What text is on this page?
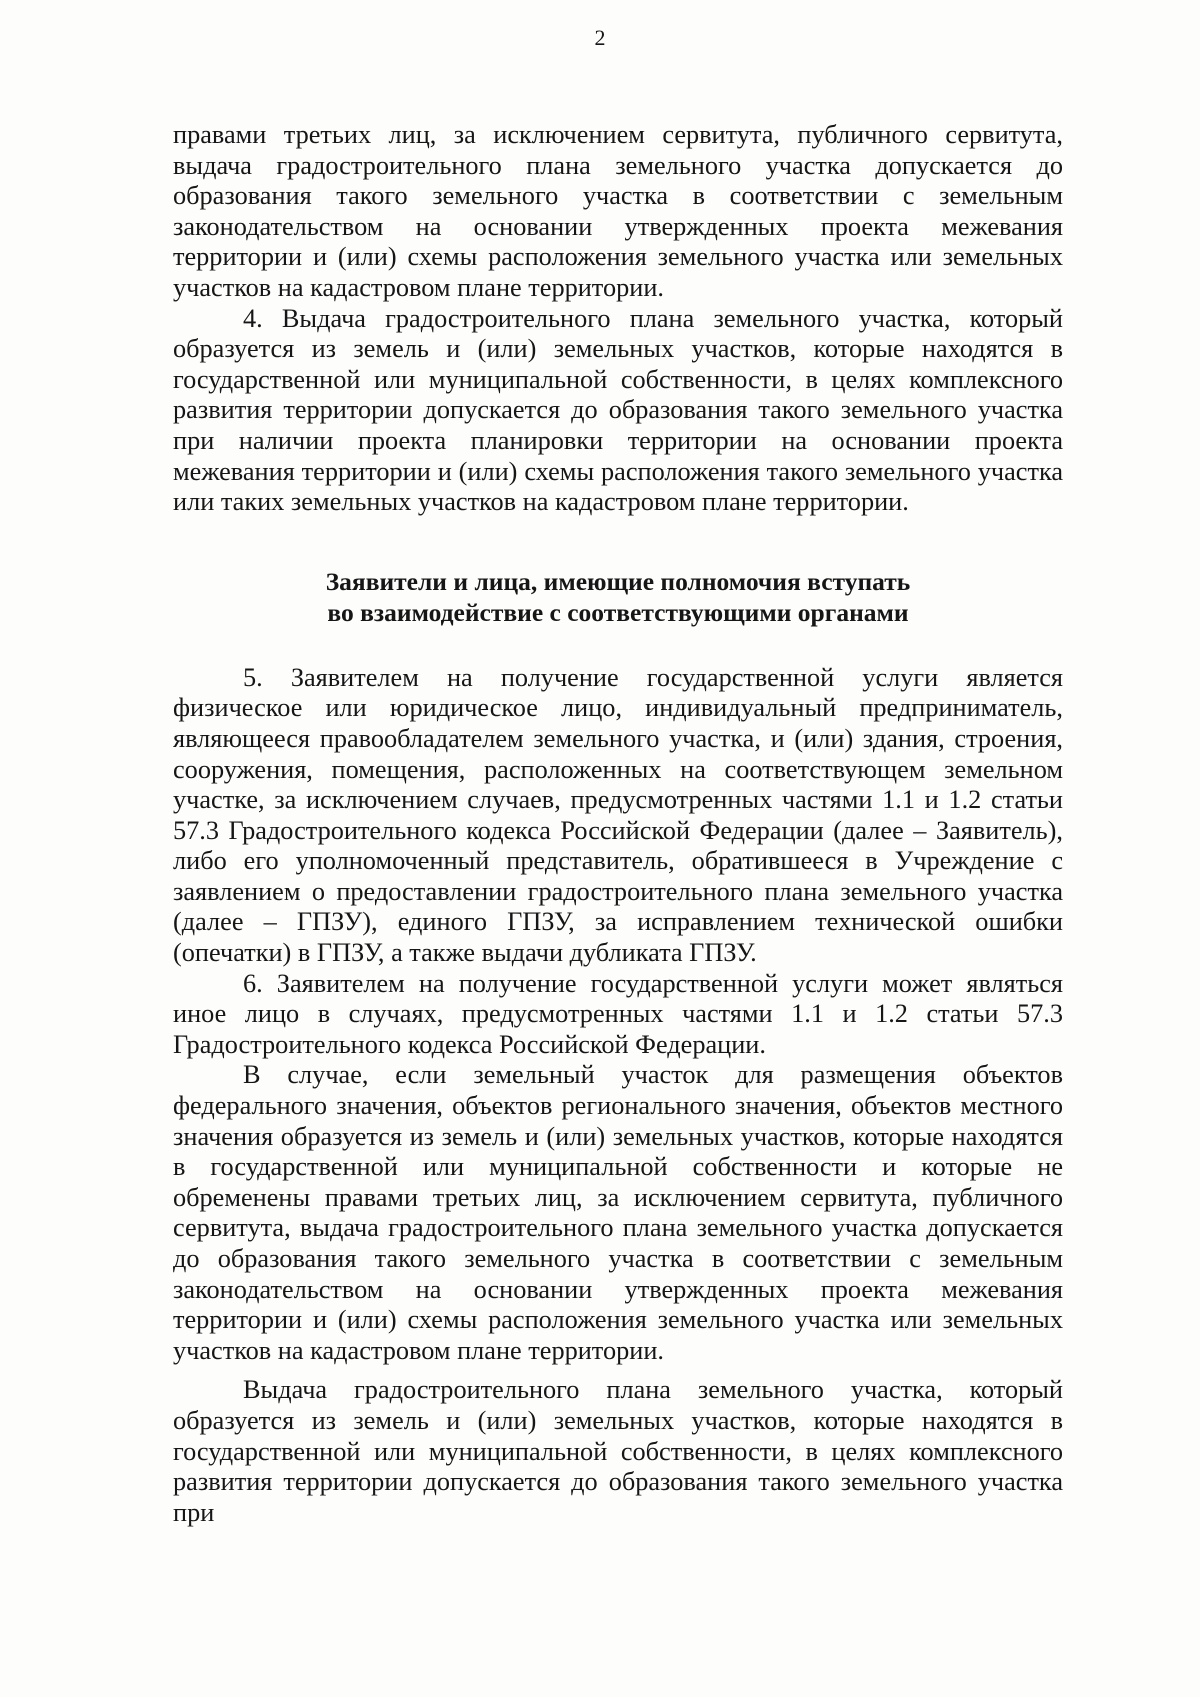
2

правами третьих лиц, за исключением сервитута, публичного сервитута, выдача градостроительного плана земельного участка допускается до образования такого земельного участка в соответствии с земельным законодательством на основании утвержденных проекта межевания территории и (или) схемы расположения земельного участка или земельных участков на кадастровом плане территории.

4. Выдача градостроительного плана земельного участка, который образуется из земель и (или) земельных участков, которые находятся в государственной или муниципальной собственности, в целях комплексного развития территории допускается до образования такого земельного участка при наличии проекта планировки территории на основании проекта межевания территории и (или) схемы расположения такого земельного участка или таких земельных участков на кадастровом плане территории.

Заявители и лица, имеющие полномочия вступать
во взаимодействие с соответствующими органами

5. Заявителем на получение государственной услуги является физическое или юридическое лицо, индивидуальный предприниматель, являющееся правообладателем земельного участка, и (или) здания, строения, сооружения, помещения, расположенных на соответствующем земельном участке, за исключением случаев, предусмотренных частями 1.1 и 1.2 статьи 57.3 Градостроительного кодекса Российской Федерации (далее – Заявитель), либо его уполномоченный представитель, обратившееся в Учреждение с заявлением о предоставлении градостроительного плана земельного участка (далее – ГПЗУ), единого ГПЗУ, за исправлением технической ошибки (опечатки) в ГПЗУ, а также выдачи дубликата ГПЗУ.

6. Заявителем на получение государственной услуги может являться иное лицо в случаях, предусмотренных частями 1.1 и 1.2 статьи 57.3 Градостроительного кодекса Российской Федерации.

В случае, если земельный участок для размещения объектов федерального значения, объектов регионального значения, объектов местного значения образуется из земель и (или) земельных участков, которые находятся в государственной или муниципальной собственности и которые не обременены правами третьих лиц, за исключением сервитута, публичного сервитута, выдача градостроительного плана земельного участка допускается до образования такого земельного участка в соответствии с земельным законодательством на основании утвержденных проекта межевания территории и (или) схемы расположения земельного участка или земельных участков на кадастровом плане территории.

Выдача градостроительного плана земельного участка, который образуется из земель и (или) земельных участков, которые находятся в государственной или муниципальной собственности, в целях комплексного развития территории допускается до образования такого земельного участка при
